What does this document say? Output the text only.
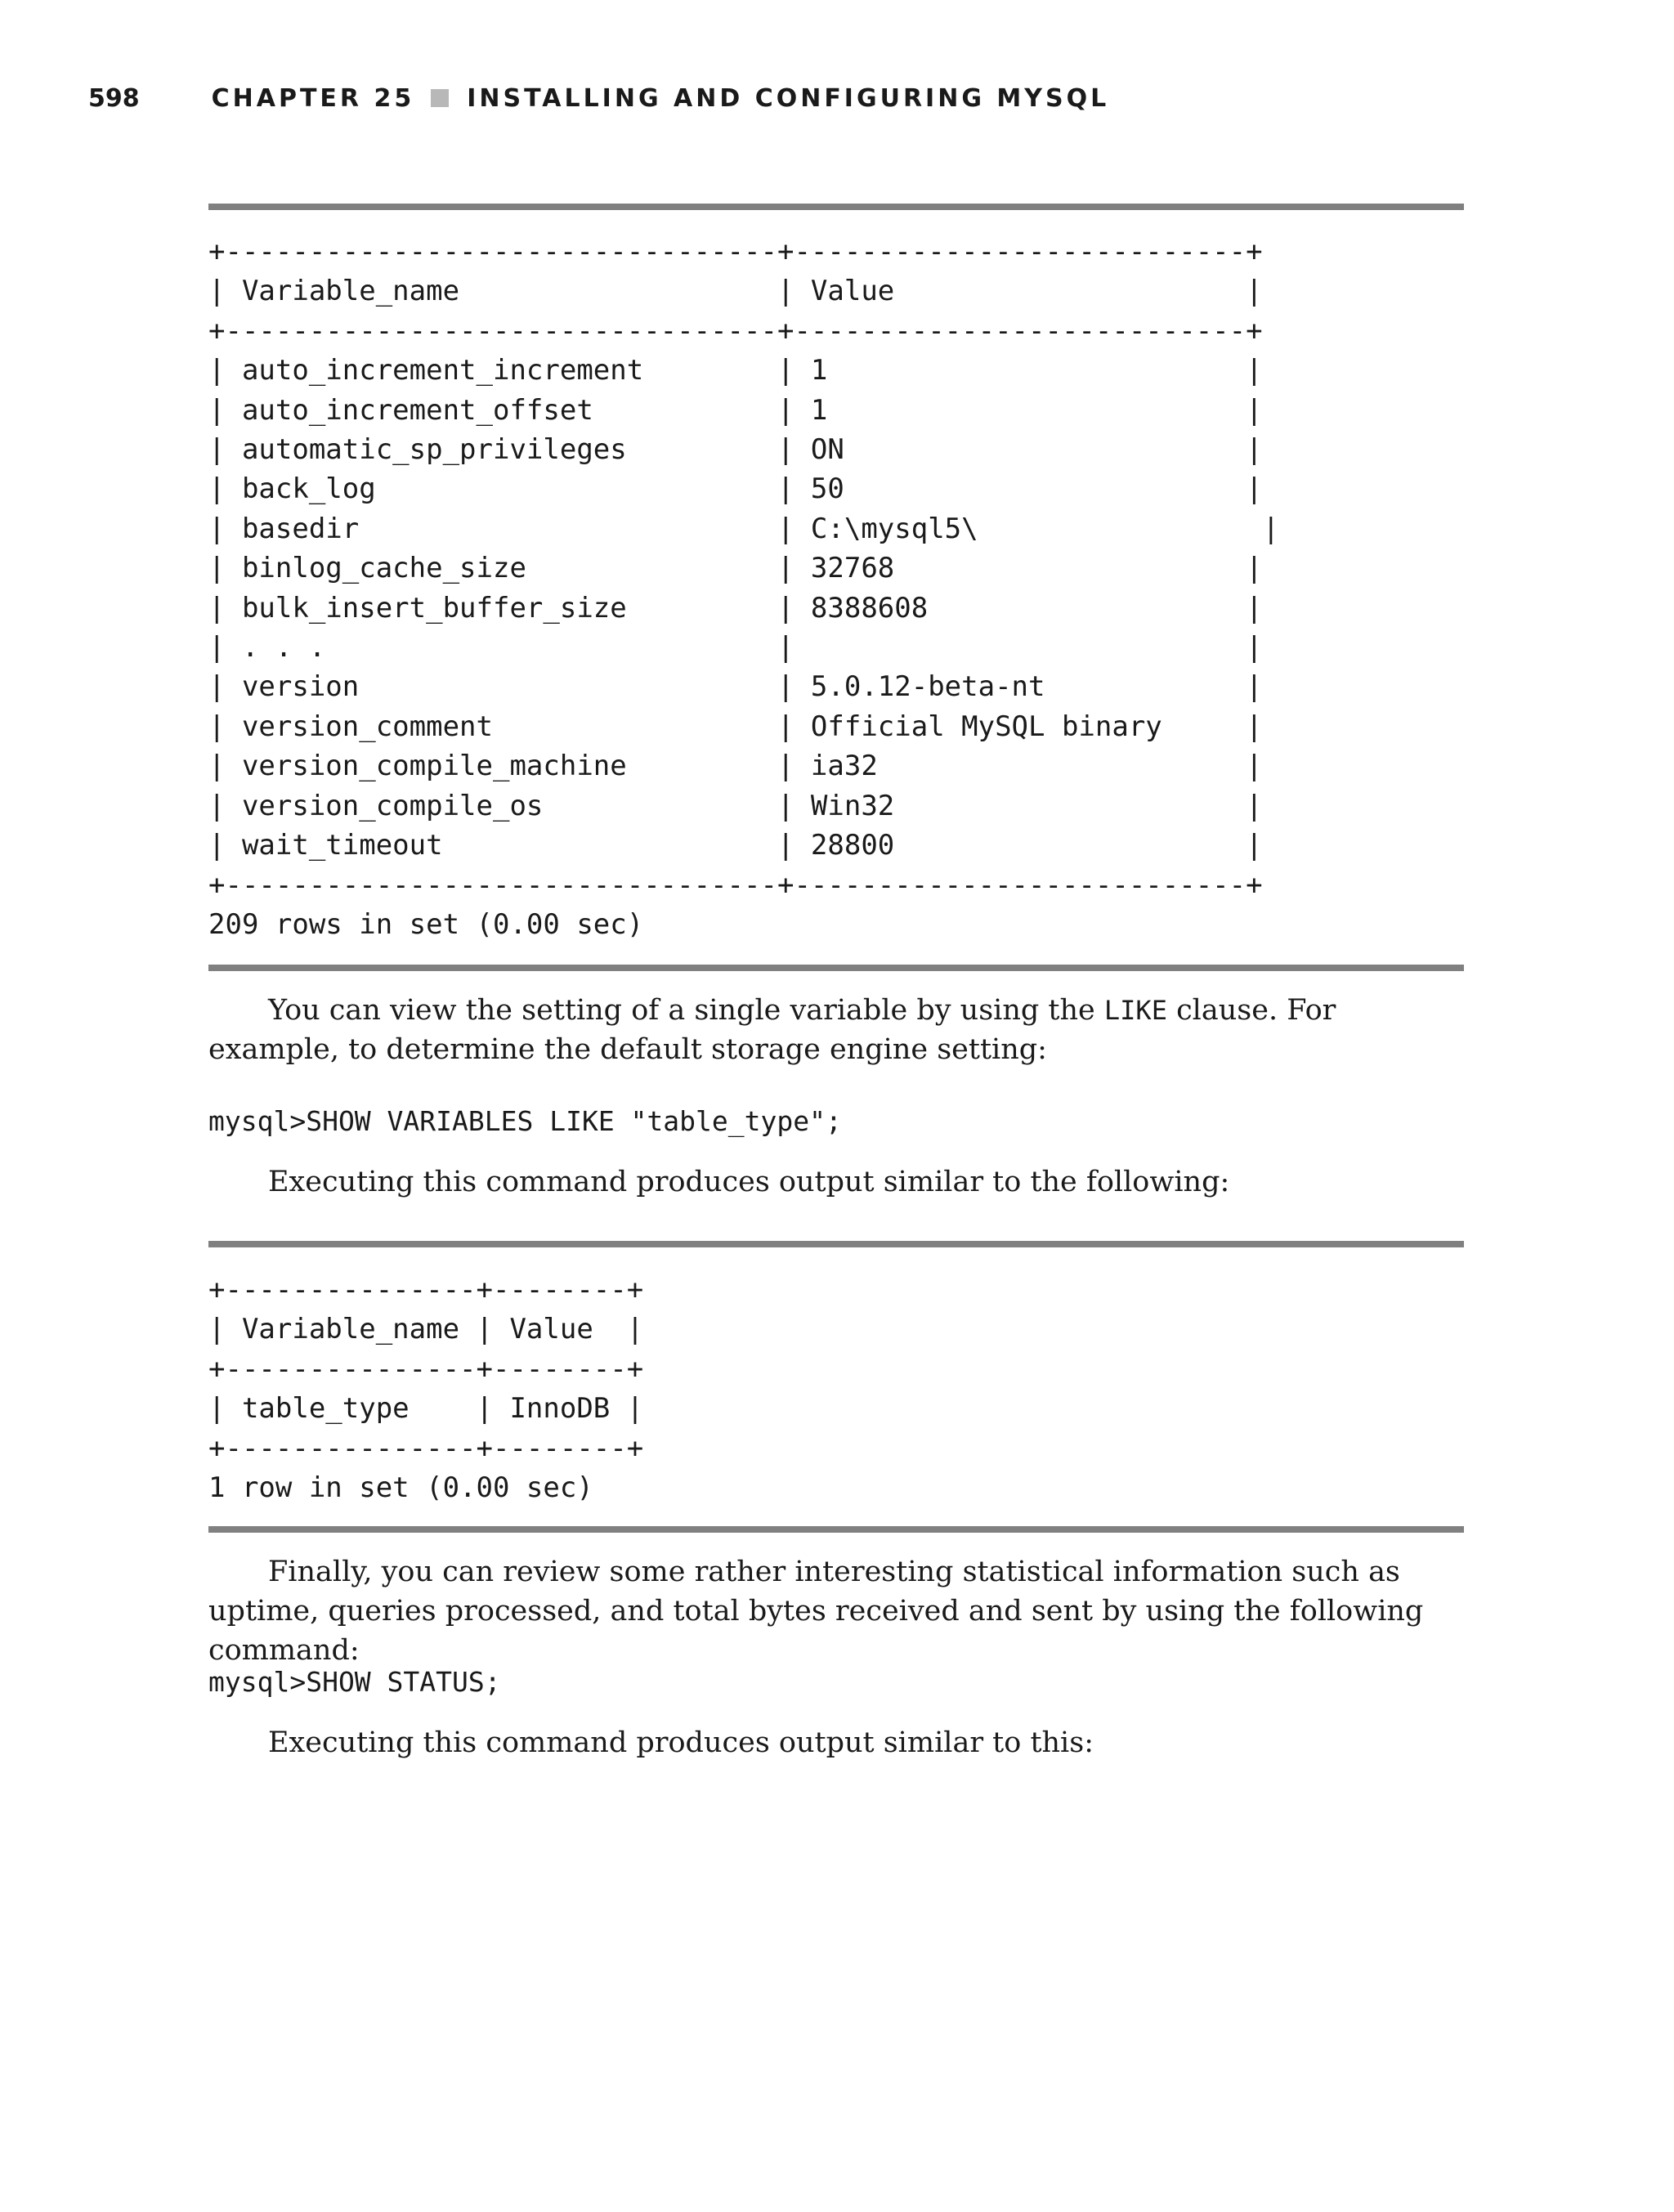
598	CHAPTER 25 INSTALLING AND CONFIGURING MYSQL
+---------------------------------+---------------------------+
| Variable_name                   | Value                     |
+---------------------------------+---------------------------+
| auto_increment_increment        | 1                         |
| auto_increment_offset           | 1                         |
| automatic_sp_privileges         | ON                        |
| back_log                        | 50                        |
| basedir                         | C:\mysql5\                 |
| binlog_cache_size               | 32768                     |
| bulk_insert_buffer_size         | 8388608                   |
| . . .                           |                           |
| version                         | 5.0.12-beta-nt            |
| version_comment                 | Official MySQL binary     |
| version_compile_machine         | ia32                      |
| version_compile_os              | Win32                     |
| wait_timeout                    | 28800                     |
+---------------------------------+---------------------------+
209 rows in set (0.00 sec)

You can view the setting of a single variable by using the LIKE clause. For example, to determine the default storage engine setting:

mysql>SHOW VARIABLES LIKE "table_type";

Executing this command produces output similar to the following:

+---------------+--------+
| Variable_name | Value  |
+---------------+--------+
| table_type    | InnoDB |
+---------------+--------+
1 row in set (0.00 sec)

Finally, you can review some rather interesting statistical information such as uptime, queries processed, and total bytes received and sent by using the following command:

mysql>SHOW STATUS;

Executing this command produces output similar to this:
